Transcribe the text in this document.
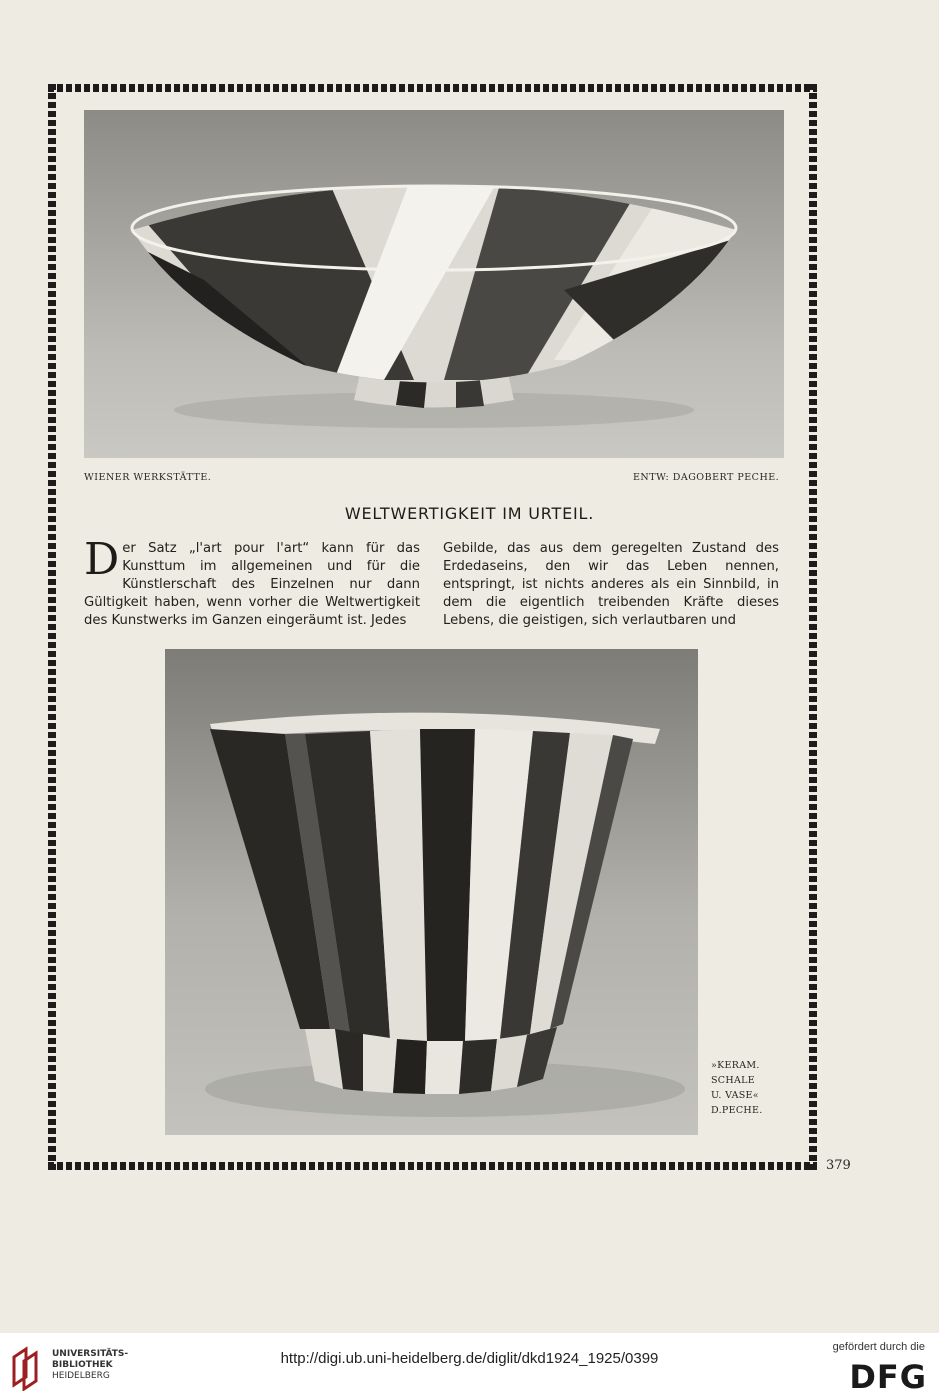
WIENER WERKSTÄTTE.	ENTW: DAGOBERT PECHE.
WELTWERTIGKEIT IM URTEIL.
D er Satz „l'art pour l'art“ kann für das Kunsttum im allgemeinen und für die Künstlerschaft des Einzelnen nur dann Gültigkeit haben, wenn vorher die Weltwertigkeit des Kunstwerks im Ganzen eingeräumt ist. Jedes

Gebilde, das aus dem geregelten Zustand des Erdedaseins, den wir das Leben nennen, entspringt, ist nichts anderes als ein Sinnbild, in dem die eigentlich treibenden Kräfte dieses Lebens, die geistigen, sich verlautbaren und

»KERAM.
SCHALE
U. VASE«
D.PECHE.
379
UNIVERSITÄTS-
BIBLIOTHEK
HEIDELBERG
http://digi.ub.uni-heidelberg.de/diglit/dkd1924_1925/0399
gefördert durch die
DFG
